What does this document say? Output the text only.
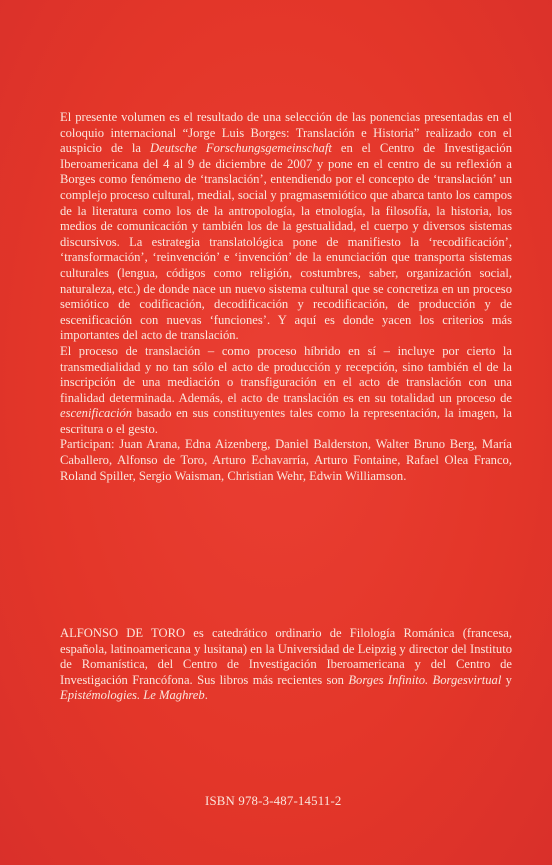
El presente volumen es el resultado de una selección de las ponencias presentadas en el coloquio internacional “Jorge Luis Borges: Translación e Historia” realizado con el auspicio de la Deutsche Forschungsgemeinschaft en el Centro de Investigación Iberoamericana del 4 al 9 de diciembre de 2007 y pone en el centro de su reflexión a Borges como fenómeno de ‘translación’, entendiendo por el concepto de ‘translación’ un complejo proceso cultural, medial, social y pragmasemiótico que abarca tanto los campos de la literatura como los de la antropología, la etnología, la filosofía, la historia, los medios de comunicación y también los de la gestualidad, el cuerpo y diversos sistemas discursivos. La estrategia translatológica pone de manifiesto la ‘recodificación’, ‘transformación’, ‘reinvención’ e ‘invención’ de la enunciación que transporta sistemas culturales (lengua, códigos como religión, costumbres, saber, organización social, naturaleza, etc.) de donde nace un nuevo sistema cultural que se concretiza en un proceso semiótico de codificación, decodificación y recodificación, de producción y de escenificación con nuevas ‘funciones’. Y aquí es donde yacen los criterios más importantes del acto de translación.

El proceso de translación – como proceso híbrido en sí – incluye por cierto la transmedialidad y no tan sólo el acto de producción y recepción, sino también el de la inscripción de una mediación o transfiguración en el acto de translación con una finalidad determinada. Además, el acto de translación es en su totalidad un proceso de escenificación basado en sus constituyentes tales como la representación, la imagen, la escritura o el gesto.

Participan: Juan Arana, Edna Aizenberg, Daniel Balderston, Walter Bruno Berg, María Caballero, Alfonso de Toro, Arturo Echavarría, Arturo Fontaine, Rafael Olea Franco, Roland Spiller, Sergio Waisman, Christian Wehr, Edwin Williamson.

ALFONSO DE TORO es catedrático ordinario de Filología Románica (francesa, española, latinoamericana y lusitana) en la Universidad de Leipzig y director del Instituto de Romanística, del Centro de Investigación Iberoamericana y del Centro de Investigación Francófona. Sus libros más recientes son Borges Infinito. Borgesvirtual y Epistémologies. Le Maghreb.

ISBN 978-3-487-14511-2
